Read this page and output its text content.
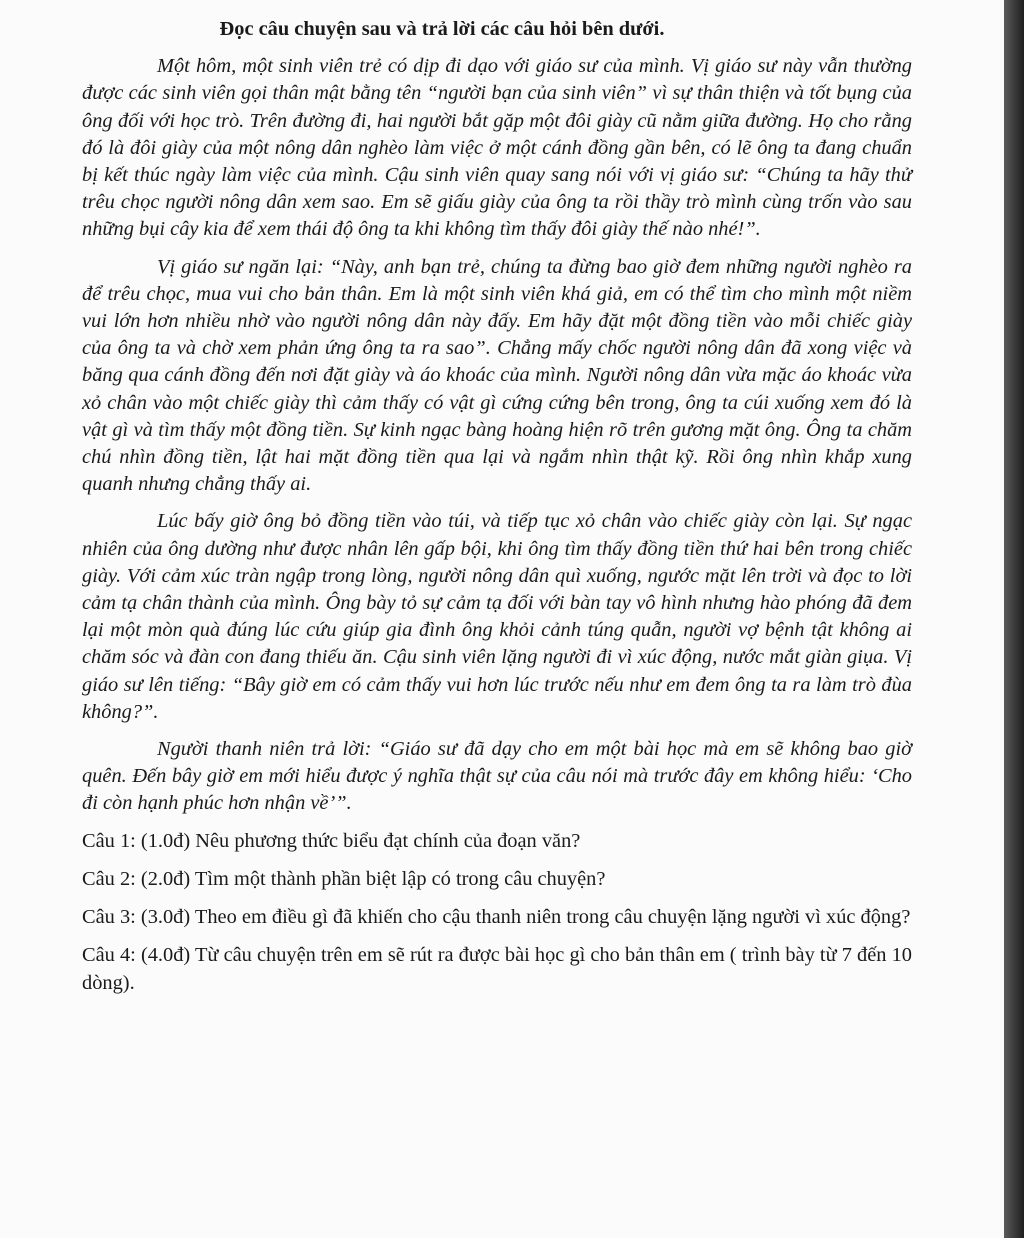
Đọc câu chuyện sau và trả lời các câu hỏi bên dưới.

Một hôm, một sinh viên trẻ có dịp đi dạo với giáo sư của mình. Vị giáo sư này vẫn thường được các sinh viên gọi thân mật bằng tên “người bạn của sinh viên” vì sự thân thiện và tốt bụng của ông đối với học trò. Trên đường đi, hai người bắt gặp một đôi giày cũ nằm giữa đường. Họ cho rằng đó là đôi giày của một nông dân nghèo làm việc ở một cánh đồng gần bên, có lẽ ông ta đang chuẩn bị kết thúc ngày làm việc của mình. Cậu sinh viên quay sang nói với vị giáo sư: “Chúng ta hãy thử trêu chọc người nông dân xem sao. Em sẽ giấu giày của ông ta rồi thầy trò mình cùng trốn vào sau những bụi cây kia để xem thái độ ông ta khi không tìm thấy đôi giày thế nào nhé!”.

Vị giáo sư ngăn lại: “Này, anh bạn trẻ, chúng ta đừng bao giờ đem những người nghèo ra để trêu chọc, mua vui cho bản thân. Em là một sinh viên khá giả, em có thể tìm cho mình một niềm vui lớn hơn nhiều nhờ vào người nông dân này đấy. Em hãy đặt một đồng tiền vào mỗi chiếc giày của ông ta và chờ xem phản ứng ông ta ra sao”. Chẳng mấy chốc người nông dân đã xong việc và băng qua cánh đồng đến nơi đặt giày và áo khoác của mình. Người nông dân vừa mặc áo khoác vừa xỏ chân vào một chiếc giày thì cảm thấy có vật gì cứng cứng bên trong, ông ta cúi xuống xem đó là vật gì và tìm thấy một đồng tiền. Sự kinh ngạc bàng hoàng hiện rõ trên gương mặt ông. Ông ta chăm chú nhìn đồng tiền, lật hai mặt đồng tiền qua lại và ngắm nhìn thật kỹ. Rồi ông nhìn khắp xung quanh nhưng chẳng thấy ai.

Lúc bấy giờ ông bỏ đồng tiền vào túi, và tiếp tục xỏ chân vào chiếc giày còn lại. Sự ngạc nhiên của ông dường như được nhân lên gấp bội, khi ông tìm thấy đồng tiền thứ hai bên trong chiếc giày. Với cảm xúc tràn ngập trong lòng, người nông dân quì xuống, ngước mặt lên trời và đọc to lời cảm tạ chân thành của mình. Ông bày tỏ sự cảm tạ đối với bàn tay vô hình nhưng hào phóng đã đem lại một mòn quà đúng lúc cứu giúp gia đình ông khỏi cảnh túng quẫn, người vợ bệnh tật không ai chăm sóc và đàn con đang thiếu ăn. Cậu sinh viên lặng người đi vì xúc động, nước mắt giàn giụa. Vị giáo sư lên tiếng: “Bây giờ em có cảm thấy vui hơn lúc trước nếu như em đem ông ta ra làm trò đùa không?”.

Người thanh niên trả lời: “Giáo sư đã dạy cho em một bài học mà em sẽ không bao giờ quên. Đến bây giờ em mới hiểu được ý nghĩa thật sự của câu nói mà trước đây em không hiểu: ‘Cho đi còn hạnh phúc hơn nhận về’”.

Câu 1: (1.0đ) Nêu phương thức biểu đạt chính của đoạn văn?

Câu 2: (2.0đ) Tìm một thành phần biệt lập có trong câu chuyện?

Câu 3: (3.0đ) Theo em điều gì đã khiến cho cậu thanh niên trong câu chuyện lặng người vì xúc động?

Câu 4: (4.0đ) Từ câu chuyện trên em sẽ rút ra được bài học gì cho bản thân em ( trình bày từ 7 đến 10 dòng).
